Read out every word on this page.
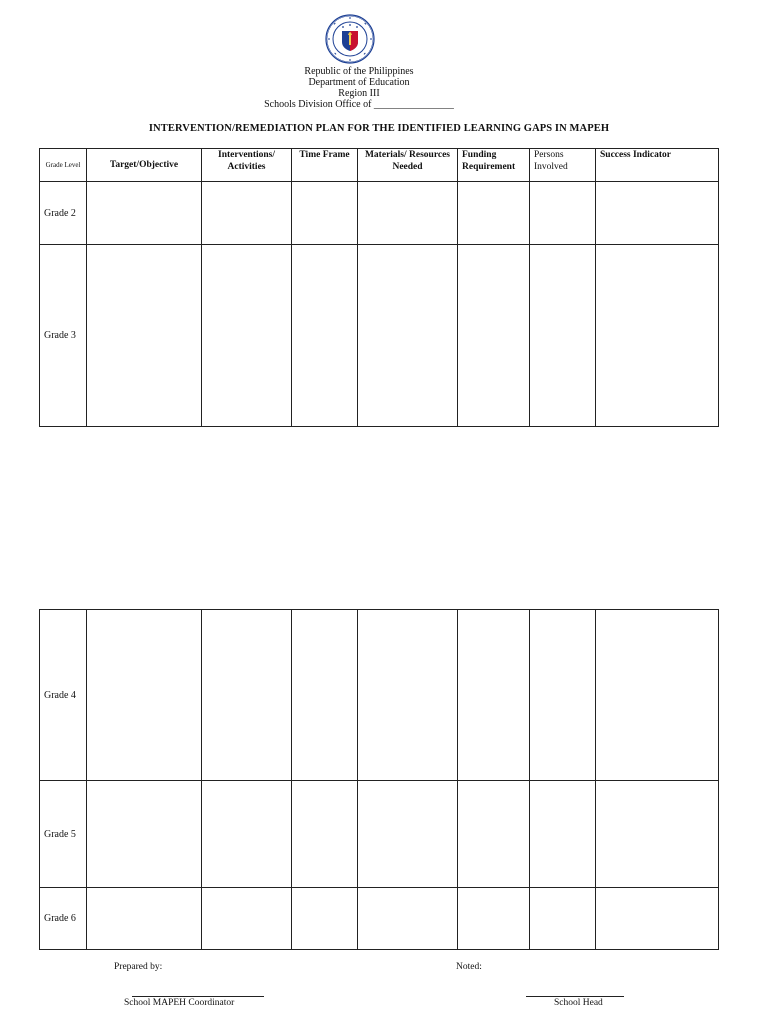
Republic of the Philippines
Department of Education
Region III
Schools Division Office of ________________
INTERVENTION/REMEDIATION PLAN FOR THE IDENTIFIED LEARNING GAPS IN MAPEH
Grade Level	Target/Objective	Interventions/ Activities	Time Frame	Materials/ Resources Needed	Funding Requirement	Persons Involved	Success Indicator
Grade 2							
Grade 3							
Grade 4							
Grade 5							
Grade 6							
Prepared by:	Noted:
School MAPEH Coordinator	School Head
